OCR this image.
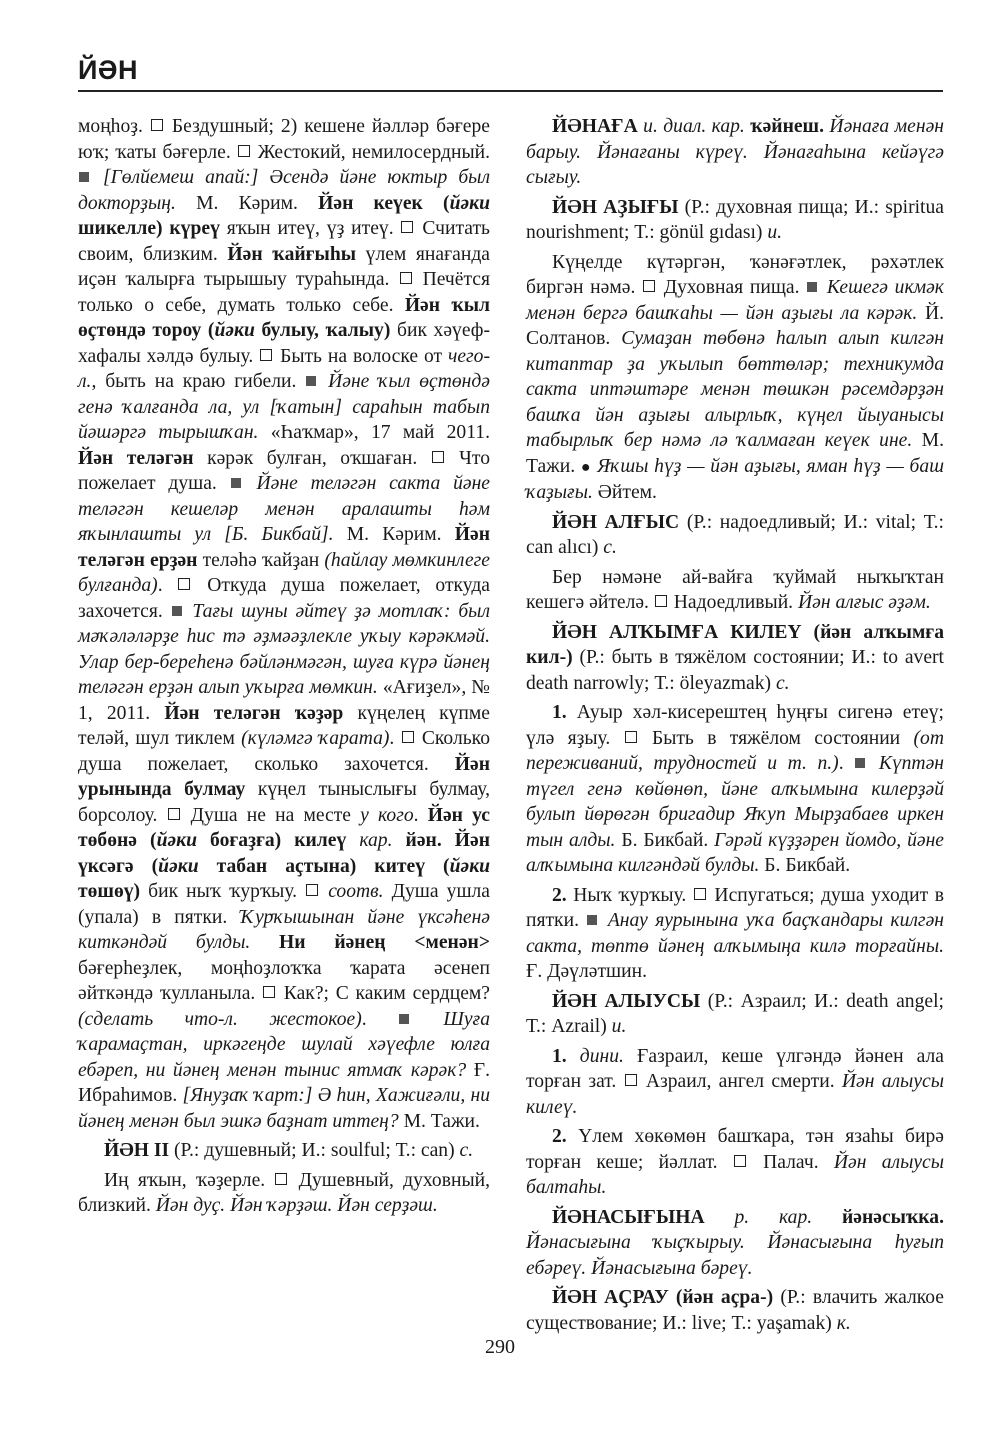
ЙӘН

моңһоҙ.  Бездушный; 2) кешене йәлләр бәғере юҡ; ҡаты бәғерле.  Жестокий, немилосердный.  [Гөлйемеш апай:] Әсендә йәне юктыр был докторҙың. М. Кәрим. Йән кеүек (йәки шикелле) күреү яҡын итеү, үҙ итеү.  Считать своим, близким. Йән ҡайғыһы үлем янағанда иҫән ҡалырға тырышыу тураһында.  Печётся только о себе, думать только себе. Йән ҡыл өҫтөндә тороу (йәки булыу, ҡалыу) бик хәүеф-хафалы хәлдә булыу.  Быть на волоске от чего-л., быть на краю гибели.  Йәне ҡыл өҫтөндә генә ҡалғанда ла, ул [ҡатын] сараһын табып йәшәргә тырышҡан. «Һаҡмар», 17 май 2011. Йән теләгән кәрәк булған, оҡшаған.  Что пожелает душа.  Йәне теләгән сакта йәне теләгән кешеләр менән аралашты һәм яҡынлашты ул [Б. Бикбай]. М. Кәрим. Йән теләгән ерҙән теләһә ҡайҙан (һайлау мөмкинлеге булғанда).  Откуда душа пожелает, откуда захочется.  Тағы шуны әйтеү ҙә мотлаҡ: был мәҡәләләрҙе һис тә әҙмәәҙлекле уҡыу кәрәкмәй. Улар бер-береһенә бәйләнмәгән, шуға күрә йәнең теләгән ерҙән алып уҡырға мөмкин. «Ағиҙел», № 1, 2011. Йән теләгән ҡәҙәр күңелең күпме теләй, шул тиклем (күләмгә ҡарата).  Сколько душа пожелает, сколько захочется. Йән урынында булмау күңел тыныслығы булмау, борсолоу.  Душа не на месте у кого. Йән ус төбөнә (йәки боғаҙға) килеү кар. йән. Йән үксәгә (йәки табан аҫтына) китеү (йәки төшөү) бик ныҡ ҡурҡыу.  соотв. Душа ушла (упала) в пятки. Ҡурҡышынан йәне үксәһенә киткәндәй булды. Ни йәнең <менән> бәғерһеҙлек, моңһоҙлоҡҡа ҡарата әсенеп әйткәндә ҡулланыла.  Как?; С каким сердцем? (сделать что-л. жестокое).  Шуға ҡарамаҫтан, иркәгеңде шулай хәүефле юлға ебәреп, ни йәнең менән тынис ятмаҡ кәрәк? Ғ. Ибраһимов. [Януҙаҡ ҡарт:] Ә һин, Хажиғәли, ни йәнең менән был эшкә баҙнат иттең? М. Тажи.

ЙӘН II (Р.: душевный; И.: soulful; Т.: can) с.

Иң яҡын, ҡәҙерле.  Душевный, духовный, близкий. Йән дуҫ. Йән ҡәрҙәш. Йән серҙәш.

ЙӘНАҒА и. диал. кар. ҡәйнеш. Йәнаға менән барыу. Йәнағаны күреү. Йәнағаһына кейәүгә сығыу.

ЙӘН АҘЫҒЫ (Р.: духовная пища; И.: spiritua nourishment; Т.: gönül gıdası) и.

Күңелде күтәргән, ҡәнәғәтлек, рәхәтлек биргән нәмә.  Духовная пища.  Кешегә икмәк менән бергә башҡаһы — йән аҙығы ла кәрәк. Й. Солтанов. Сумаҙан төбөнә һалып алып килгән китаптар ҙа уҡылып бөттөләр; техникумда сакта иптәштәре менән төшкән рәсемдәрҙән башҡа йән аҙығы алырлыҡ, күңел йыуанысы табырлыҡ бер нәмә лә ҡалмаған кеүек ине. М. Тажи. ● Яҡшы һүҙ — йән аҙығы, яман һүҙ — баш ҡаҙығы. Әйтем.

ЙӘН АЛҒЫС (Р.: надоедливый; И.: vital; Т.: can alıcı) с.

Бер нәмәне ай-вайға ҡуймай ныҡыҡтан кешегә әйтелә.  Надоедливый. Йән алғыс әҙәм.

ЙӘН АЛҠЫМҒА КИЛЕҮ (йән алҡымға кил-) (Р.: быть в тяжёлом состоянии; И.: to avert death narrowly; Т.: öleyazmak) с.

1. Ауыр хәл-кисерештең һуңғы сигенә етеү; үлә яҙыу.  Быть в тяжёлом состоянии (от переживаний, трудностей и т. п.).  Күптән түгел генә көйөнөп, йәне алҡымына килерҙәй булып йөрөгән бригадир Яҡуп Мырҙабаев иркен тын алды. Б. Бикбай. Гәрәй күҙҙәрен йомдо, йәне алҡымына килгәндәй булды. Б. Бикбай.

2. Ныҡ ҡурҡыу.  Испугаться; душа уходит в пятки.  Анау яурынына уҡа баҫҡандары килгән сакта, төптө йәнең алҡымыңа килә торғайны. Ғ. Дәүләтшин.

ЙӘН АЛЫУСЫ (Р.: Азраил; И.: death angel; Т.: Azrail) и.

1. дини. Ғазраил, кеше үлгәндә йәнен ала торған зат.  Азраил, ангел смерти. Йән алыусы килеү.

2. Үлем хөкөмөн башҡара, тән язаһы бирә торған кеше; йәллат.  Палач. Йән алыусы балтаһы.

ЙӘНАСЫҒЫНА р. кар. йәнәсыҡка. Йәнасығына ҡыҫҡырыу. Йәнасығына һуғып ебәреү. Йәнасығына бәреү.

ЙӘН АҪРАУ (йән аҫра-) (Р.: влачить жалкое существование; И.: live; Т.: yaşamak) к.

290
